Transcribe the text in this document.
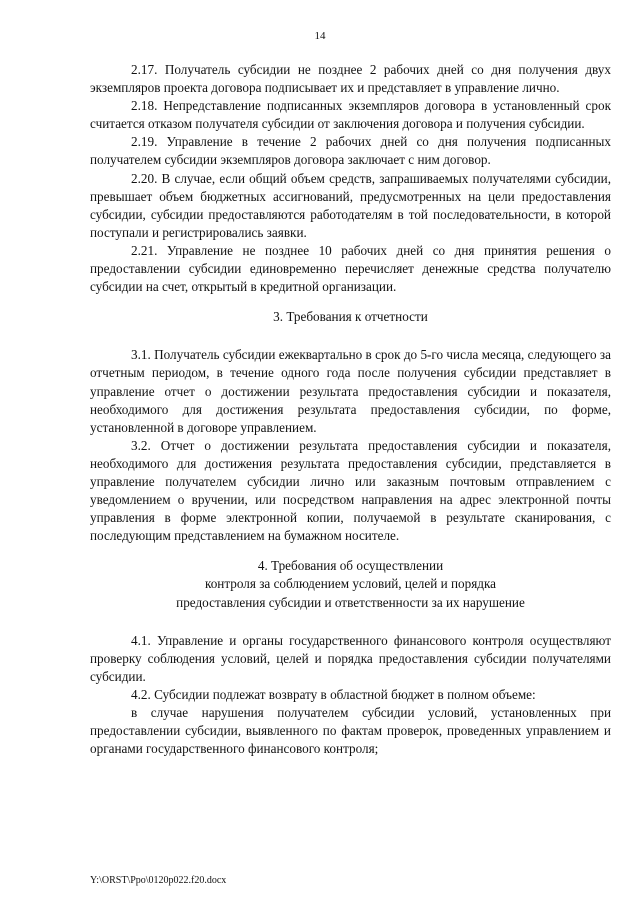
14

2.17. Получатель субсидии не позднее 2 рабочих дней со дня получения двух экземпляров проекта договора подписывает их и представляет в управление лично.

2.18. Непредставление подписанных экземпляров договора в установленный срок считается отказом получателя субсидии от заключения договора и получения субсидии.

2.19. Управление в течение 2 рабочих дней со дня получения подписанных получателем субсидии экземпляров договора заключает с ним договор.

2.20. В случае, если общий объем средств, запрашиваемых получателями субсидии, превышает объем бюджетных ассигнований, предусмотренных на цели предоставления субсидии, субсидии предоставляются работодателям в той последовательности, в которой поступали и регистрировались заявки.

2.21. Управление не позднее 10 рабочих дней со дня принятия решения о предоставлении субсидии единовременно перечисляет денежные средства получателю субсидии на счет, открытый в кредитной организации.

3. Требования к отчетности

3.1. Получатель субсидии ежеквартально в срок до 5-го числа месяца, следующего за отчетным периодом, в течение одного года после получения субсидии представляет в управление отчет о достижении результата предоставления субсидии и показателя, необходимого для достижения результата предоставления субсидии, по форме, установленной в договоре управлением.

3.2. Отчет о достижении результата предоставления субсидии и показателя, необходимого для достижения результата предоставления субсидии, представляется в управление получателем субсидии лично или заказным почтовым отправлением с уведомлением о вручении, или посредством направления на адрес электронной почты управления в форме электронной копии, получаемой в результате сканирования, с последующим представлением на бумажном носителе.

4. Требования об осуществлении
контроля за соблюдением условий, целей и порядка
предоставления субсидии и ответственности за их нарушение

4.1. Управление и органы государственного финансового контроля осуществляют проверку соблюдения условий, целей и порядка предоставления субсидии получателями субсидии.

4.2. Субсидии подлежат возврату в областной бюджет в полном объеме:

в случае нарушения получателем субсидии условий, установленных при предоставлении субсидии, выявленного по фактам проверок, проведенных управлением и органами государственного финансового контроля;

Y:\ORST\Ppo\0120p022.f20.docx
